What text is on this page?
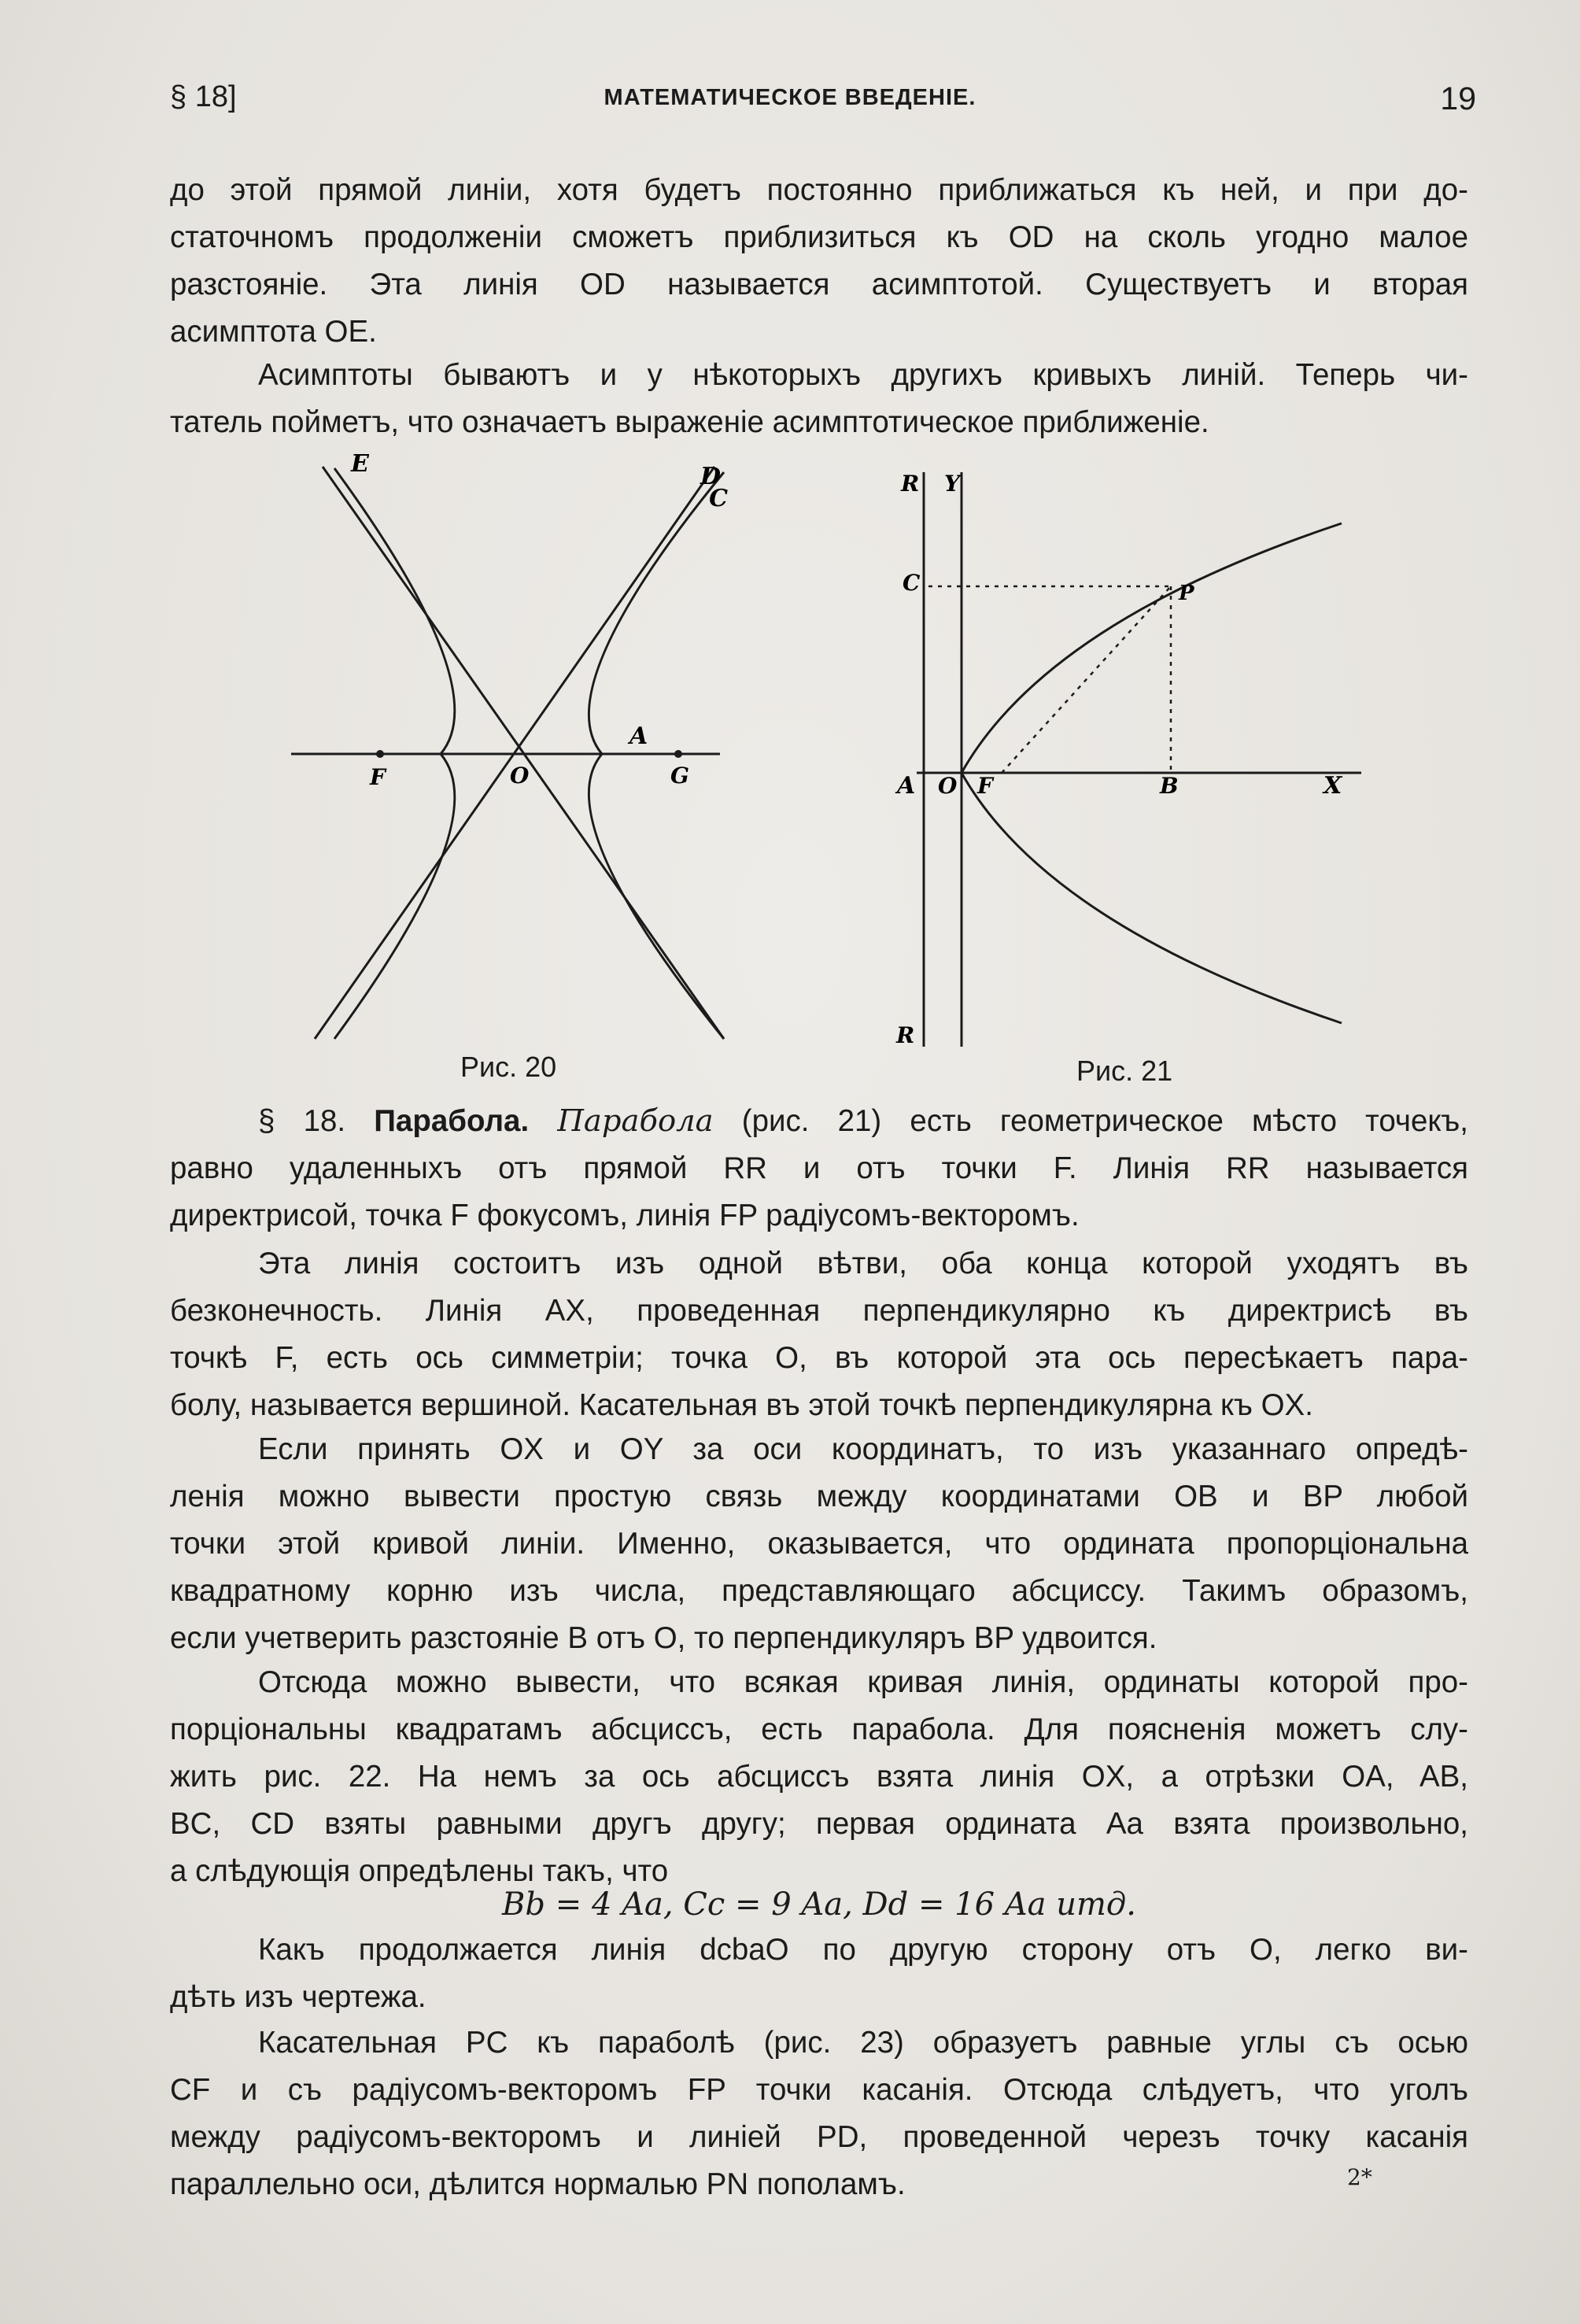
§ 18]	МАТЕМАТИЧЕСКОЕ ВВЕДЕНІЕ.	19
до этой прямой линіи, хотя будетъ постоянно приближаться къ ней, и при до-
статочномъ продолженіи сможетъ приблизиться къ OD на сколь угодно малое
разстояніе. Эта линія OD называется асимптотой. Существуетъ и вторая
асимптота OE.
Асимптоты бываютъ и у нѣкоторыхъ другихъ кривыхъ линій. Теперь чи-
татель пойметъ, что означаетъ выраженіе асимптотическое приближеніе.
E	D
C
F	O
A
G
Рис. 20
R Y
C	P
A O F	B	X
R
Рис. 21
§ 18. Парабола. Парабола (рис. 21) есть геометрическое мѣсто точекъ,
равно удаленныхъ отъ прямой RR и отъ точки F. Линія RR называется
директрисой, точка F фокусомъ, линія FP радіусомъ-векторомъ.
Эта линія состоитъ изъ одной вѣтви, оба конца которой уходятъ въ
безконечность. Линія AX, проведенная перпендикулярно къ директрисѣ въ
точкѣ F, есть ось симметріи; точка O, въ которой эта ось пересѣкаетъ пара-
болу, называется вершиной. Касательная въ этой точкѣ перпендикулярна къ OX.
Если принять OX и OY за оси координатъ, то изъ указаннаго опредѣ-
ленія можно вывести простую связь между координатами OB и BP любой
точки этой кривой линіи. Именно, оказывается, что ордината пропорціональна
квадратному корню изъ числа, представляющаго абсциссу. Такимъ образомъ,
если учетверить разстояніе B отъ O, то перпендикуляръ BP удвоится.
Отсюда можно вывести, что всякая кривая линія, ординаты которой про-
порціональны квадратамъ абсциссъ, есть парабола. Для поясненія можетъ слу-
жить рис. 22. На немъ за ось абсциссъ взята линія OX, а отрѣзки OA, AB,
BC, CD взяты равными другъ другу; первая ордината Aa взята произвольно,
а слѣдующія опредѣлены такъ, что
Bb = 4 Aa, Cc = 9 Aa, Dd = 16 Aa итд.
Какъ продолжается линія dcbaO по другую сторону отъ O, легко ви-
дѣть изъ чертежа.
Касательная PC къ параболѣ (рис. 23) образуетъ равные углы съ осью
CF и съ радіусомъ-векторомъ FP точки касанія. Отсюда слѣдуетъ, что уголъ
между радіусомъ-векторомъ и линіей PD, проведенной черезъ точку касанія
параллельно оси, дѣлится нормалью PN пополамъ.	2*
